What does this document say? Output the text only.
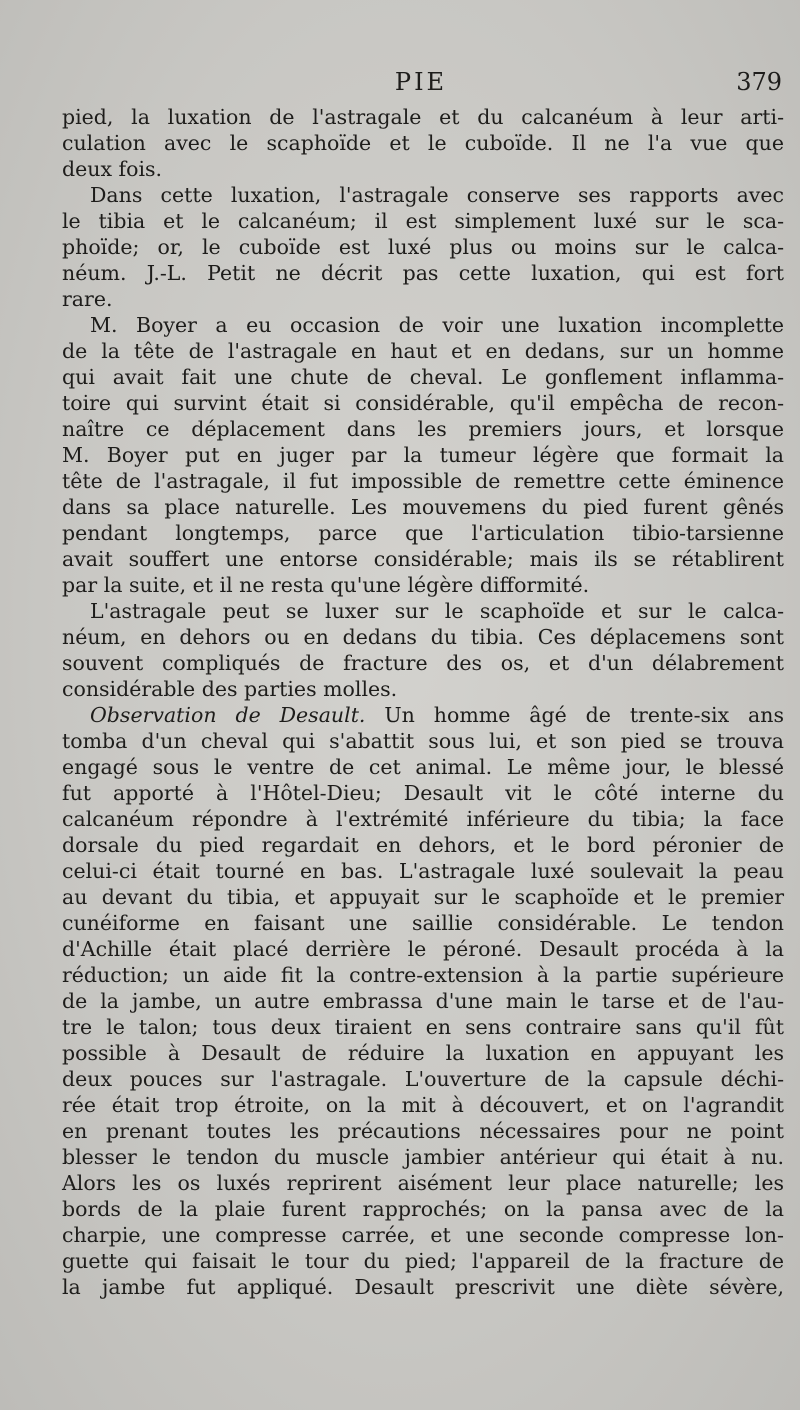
PIE	379
pied, la luxation de l'astragale et du calcanéum à leur arti-
culation avec le scaphoïde et le cuboïde. Il ne l'a vue que
deux fois.
Dans cette luxation, l'astragale conserve ses rapports avec
le tibia et le calcanéum; il est simplement luxé sur le sca-
phoïde; or, le cuboïde est luxé plus ou moins sur le calca-
néum. J.-L. Petit ne décrit pas cette luxation, qui est fort
rare.
M. Boyer a eu occasion de voir une luxation incomplette
de la tête de l'astragale en haut et en dedans, sur un homme
qui avait fait une chute de cheval. Le gonflement inflamma-
toire qui survint était si considérable, qu'il empêcha de recon-
naître ce déplacement dans les premiers jours, et lorsque
M. Boyer put en juger par la tumeur légère que formait la
tête de l'astragale, il fut impossible de remettre cette éminence
dans sa place naturelle. Les mouvemens du pied furent gênés
pendant longtemps, parce que l'articulation tibio-tarsienne
avait souffert une entorse considérable; mais ils se rétablirent
par la suite, et il ne resta qu'une légère difformité.
L'astragale peut se luxer sur le scaphoïde et sur le calca-
néum, en dehors ou en dedans du tibia. Ces déplacemens sont
souvent compliqués de fracture des os, et d'un délabrement
considérable des parties molles.
Observation de Desault. Un homme âgé de trente-six ans
tomba d'un cheval qui s'abattit sous lui, et son pied se trouva
engagé sous le ventre de cet animal. Le même jour, le blessé
fut apporté à l'Hôtel-Dieu; Desault vit le côté interne du
calcanéum répondre à l'extrémité inférieure du tibia; la face
dorsale du pied regardait en dehors, et le bord péronier de
celui-ci était tourné en bas. L'astragale luxé soulevait la peau
au devant du tibia, et appuyait sur le scaphoïde et le premier
cunéiforme en faisant une saillie considérable. Le tendon
d'Achille était placé derrière le péroné. Desault procéda à la
réduction; un aide fit la contre-extension à la partie supérieure
de la jambe, un autre embrassa d'une main le tarse et de l'au-
tre le talon; tous deux tiraient en sens contraire sans qu'il fût
possible à Desault de réduire la luxation en appuyant les
deux pouces sur l'astragale. L'ouverture de la capsule déchi-
rée était trop étroite, on la mit à découvert, et on l'agrandit
en prenant toutes les précautions nécessaires pour ne point
blesser le tendon du muscle jambier antérieur qui était à nu.
Alors les os luxés reprirent aisément leur place naturelle; les
bords de la plaie furent rapprochés; on la pansa avec de la
charpie, une compresse carrée, et une seconde compresse lon-
guette qui faisait le tour du pied; l'appareil de la fracture de
la jambe fut appliqué. Desault prescrivit une diète sévère,
